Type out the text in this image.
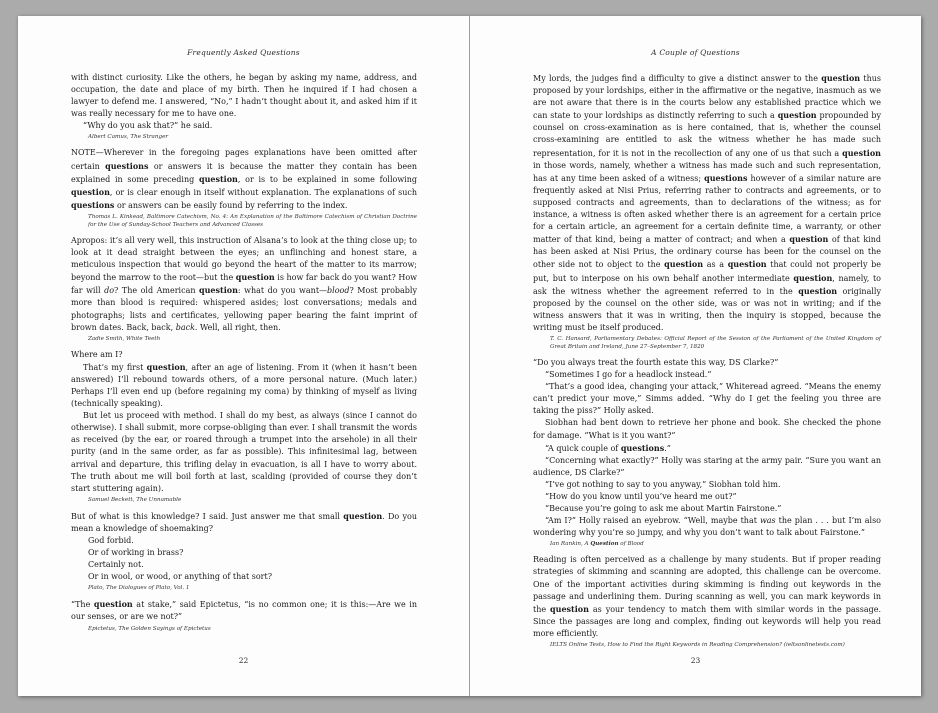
Frequently Asked Questions

with distinct curiosity. Like the others, he began by asking my name, address, and occupation, the date and place of my birth. Then he inquired if I had chosen a lawyer to defend me. I answered, “No,” I hadn’t thought about it, and asked him if it was really necessary for me to have one.

“Why do you ask that?” he said.

Albert Camus, The Stranger

NOTE—Wherever in the foregoing pages explanations have been omitted after certain questions or answers it is because the matter they contain has been explained in some preceding question, or is to be explained in some following question, or is clear enough in itself without explanation. The explanations of such questions or answers can be easily found by referring to the index.

Thomas L. Kinkead, Baltimore Catechism, No. 4: An Explanation of the Baltimore Catechism of Christian Doctrine for the Use of Sunday-School Teachers and Advanced Classes

Apropos: it’s all very well, this instruction of Alsana’s to look at the thing close up; to look at it dead straight between the eyes; an unflinching and honest stare, a meticulous inspection that would go beyond the heart of the matter to its marrow; beyond the marrow to the root—but the question is how far back do you want? How far will do? The old American question: what do you want—blood? Most probably more than blood is required: whispered asides; lost conversations; medals and photographs; lists and certificates, yellowing paper bearing the faint imprint of brown dates. Back, back, back. Well, all right, then.

Zadie Smith, White Teeth

Where am I?

That’s my first question, after an age of listening. From it (when it hasn’t been answered) I’ll rebound towards others, of a more personal nature. (Much later.) Perhaps I’ll even end up (before regaining my coma) by thinking of myself as living (technically speaking).

But let us proceed with method. I shall do my best, as always (since I cannot do otherwise). I shall submit, more corpse-obliging than ever. I shall transmit the words as received (by the ear, or roared through a trumpet into the arsehole) in all their purity (and in the same order, as far as possible). This infinitesimal lag, between arrival and departure, this trifling delay in evacuation, is all I have to worry about. The truth about me will boil forth at last, scalding (provided of course they don’t start stuttering again).

Samuel Beckett, The Unnamable

But of what is this knowledge? I said. Just answer me that small question. Do you mean a knowledge of shoemaking?

God forbid.

Or of working in brass?

Certainly not.

Or in wool, or wood, or anything of that sort?

Plato, The Dialogues of Plato, Vol. 1

“The question at stake,” said Epictetus, “is no common one; it is this:—Are we in our senses, or are we not?”

Epictetus, The Golden Sayings of Epictetus
22
A Couple of Questions

My lords, the judges find a difficulty to give a distinct answer to the question thus proposed by your lordships, either in the affirmative or the negative, inasmuch as we are not aware that there is in the courts below any established practice which we can state to your lordships as distinctly referring to such a question propounded by counsel on cross-examination as is here contained, that is, whether the counsel cross-examining are entitled to ask the witness whether he has made such representation, for it is not in the recollection of any one of us that such a question in those words, namely, whether a witness has made such and such representation, has at any time been asked of a witness; questions however of a similar nature are frequently asked at Nisi Prius, referring rather to contracts and agreements, or to supposed contracts and agreements, than to declarations of the witness; as for instance, a witness is often asked whether there is an agreement for a certain price for a certain article, an agreement for a certain definite time, a warranty, or other matter of that kind, being a matter of contract; and when a question of that kind has been asked at Nisi Prius, the ordinary course has been for the counsel on the other side not to object to the question as a question that could not properly be put, but to interpose on his own behalf another intermediate question, namely, to ask the witness whether the agreement referred to in the question originally proposed by the counsel on the other side, was or was not in writing; and if the witness answers that it was in writing, then the inquiry is stopped, because the writing must be itself produced.

T. C. Hansard, Parliamentary Debates: Official Report of the Session of the Parliament of the United Kingdom of Great Britain and Ireland, June 27–September 7, 1820

“Do you always treat the fourth estate this way, DS Clarke?”

“Sometimes I go for a headlock instead.”

“That’s a good idea, changing your attack,” Whiteread agreed. “Means the enemy can’t predict your move,” Simms added. “Why do I get the feeling you three are taking the piss?” Holly asked.

Siobhan had bent down to retrieve her phone and book. She checked the phone for damage. “What is it you want?”

“A quick couple of questions.”

“Concerning what exactly?” Holly was staring at the army pair. “Sure you want an audience, DS Clarke?”

“I’ve got nothing to say to you anyway,” Siobhan told him.

“How do you know until you’ve heard me out?”

“Because you’re going to ask me about Martin Fairstone.”

“Am I?” Holly raised an eyebrow. “Well, maybe that was the plan . . . but I’m also wondering why you’re so jumpy, and why you don’t want to talk about Fairstone.”

Ian Rankin, A Question of Blood

Reading is often perceived as a challenge by many students. But if proper reading strategies of skimming and scanning are adopted, this challenge can be overcome. One of the important activities during skimming is finding out keywords in the passage and underlining them. During scanning as well, you can mark keywords in the question as your tendency to match them with similar words in the passage. Since the passages are long and complex, finding out keywords will help you read more efficiently.

IELTS Online Tests, How to Find the Right Keywords in Reading Comprehension? (ieltsonlinetests.com)
23
